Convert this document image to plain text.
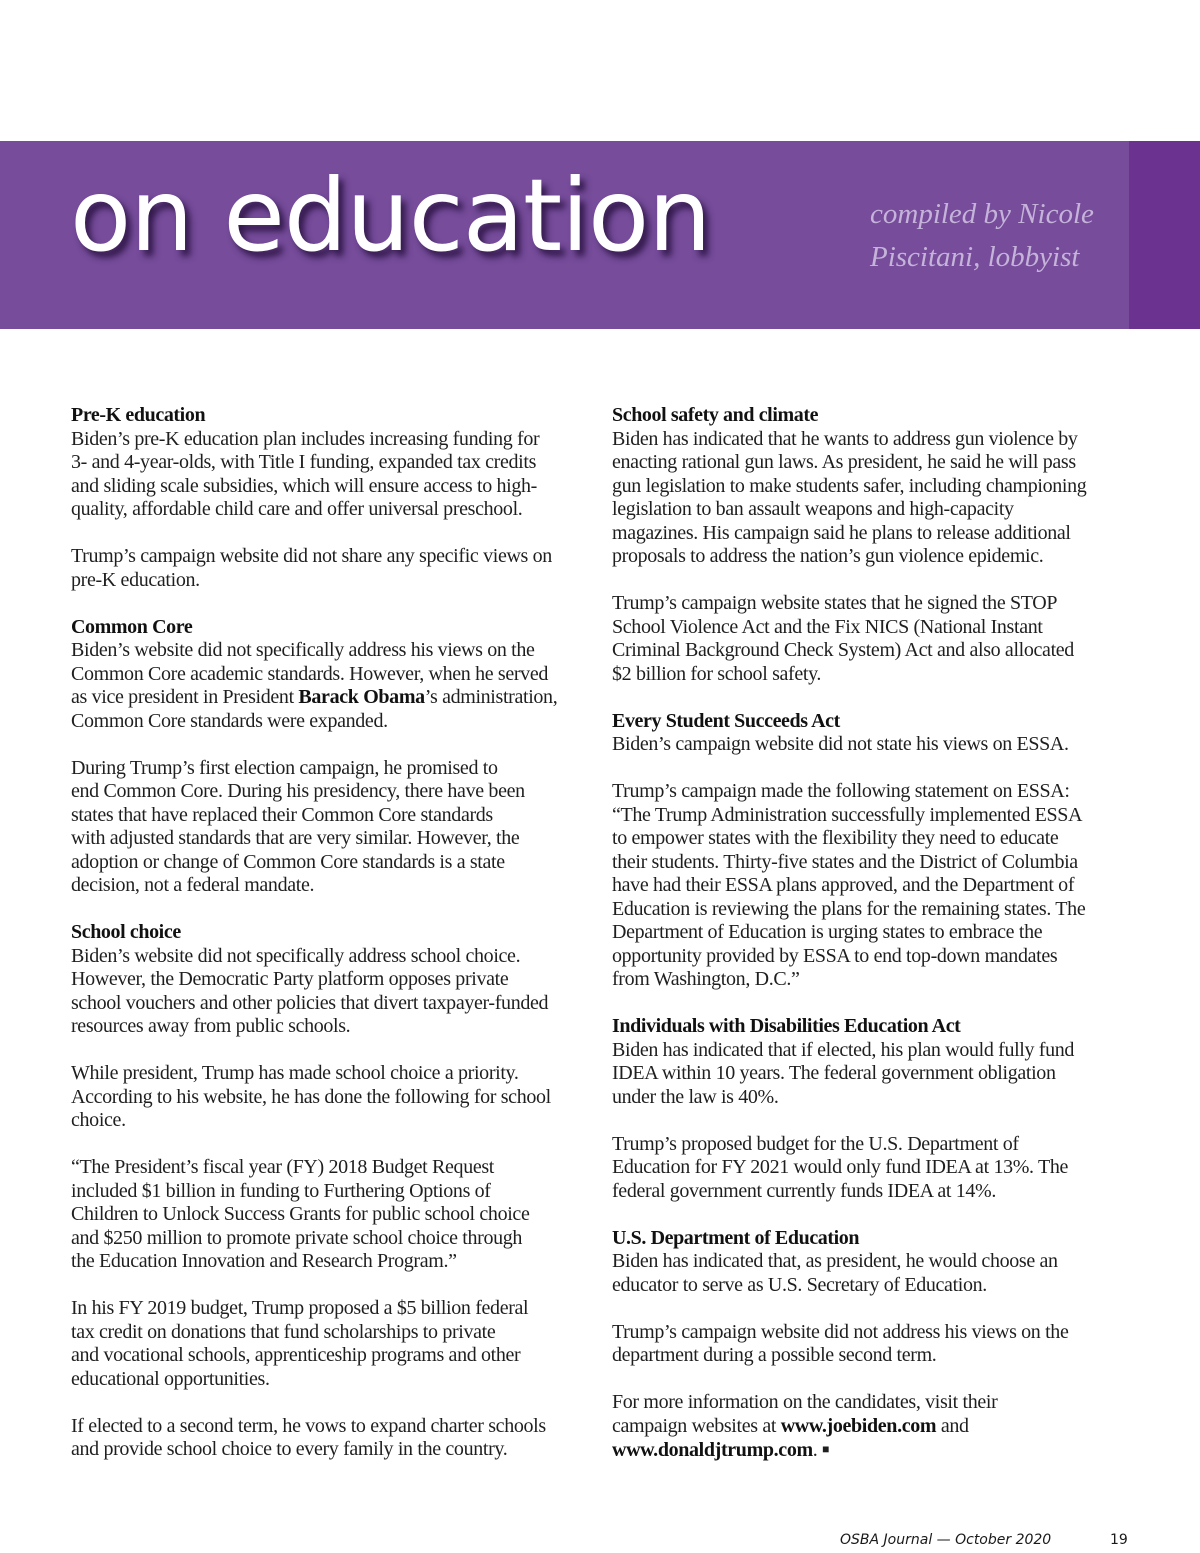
on education	compiled by Nicole
Piscitani, lobbyist
Pre-K education

Biden’s pre-K education plan includes increasing funding for
3- and 4-year-olds, with Title I funding, expanded tax credits
and sliding scale subsidies, which will ensure access to high-
quality, affordable child care and offer universal preschool.

Trump’s campaign website did not share any specific views on
pre-K education.

Common Core

Biden’s website did not specifically address his views on the
Common Core academic standards. However, when he served
as vice president in President Barack Obama’s administration,
Common Core standards were expanded.

During Trump’s first election campaign, he promised to
end Common Core. During his presidency, there have been
states that have replaced their Common Core standards
with adjusted standards that are very similar. However, the
adoption or change of Common Core standards is a state
decision, not a federal mandate.

School choice

Biden’s website did not specifically address school choice.
However, the Democratic Party platform opposes private
school vouchers and other policies that divert taxpayer-funded
resources away from public schools.

While president, Trump has made school choice a priority.
According to his website, he has done the following for school
choice.

“The President’s fiscal year (FY) 2018 Budget Request
included $1 billion in funding to Furthering Options of
Children to Unlock Success Grants for public school choice
and $250 million to promote private school choice through
the Education Innovation and Research Program.”

In his FY 2019 budget, Trump proposed a $5 billion federal
tax credit on donations that fund scholarships to private
and vocational schools, apprenticeship programs and other
educational opportunities.

If elected to a second term, he vows to expand charter schools
and provide school choice to every family in the country.

School safety and climate

Biden has indicated that he wants to address gun violence by
enacting rational gun laws. As president, he said he will pass
gun legislation to make students safer, including championing
legislation to ban assault weapons and high-capacity
magazines. His campaign said he plans to release additional
proposals to address the nation’s gun violence epidemic.

Trump’s campaign website states that he signed the STOP
School Violence Act and the Fix NICS (National Instant
Criminal Background Check System) Act and also allocated
$2 billion for school safety.

Every Student Succeeds Act

Biden’s campaign website did not state his views on ESSA.

Trump’s campaign made the following statement on ESSA:
“The Trump Administration successfully implemented ESSA
to empower states with the flexibility they need to educate
their students. Thirty-five states and the District of Columbia
have had their ESSA plans approved, and the Department of
Education is reviewing the plans for the remaining states. The
Department of Education is urging states to embrace the
opportunity provided by ESSA to end top-down mandates
from Washington, D.C.”

Individuals with Disabilities Education Act

Biden has indicated that if elected, his plan would fully fund
IDEA within 10 years. The federal government obligation
under the law is 40%.

Trump’s proposed budget for the U.S. Department of
Education for FY 2021 would only fund IDEA at 13%. The
federal government currently funds IDEA at 14%.

U.S. Department of Education

Biden has indicated that, as president, he would choose an
educator to serve as U.S. Secretary of Education.

Trump’s campaign website did not address his views on the
department during a possible second term.

For more information on the candidates, visit their
campaign websites at www.joebiden.com and
www.donaldjtrump.com. ■

OSBA Journal — October 2020	19
